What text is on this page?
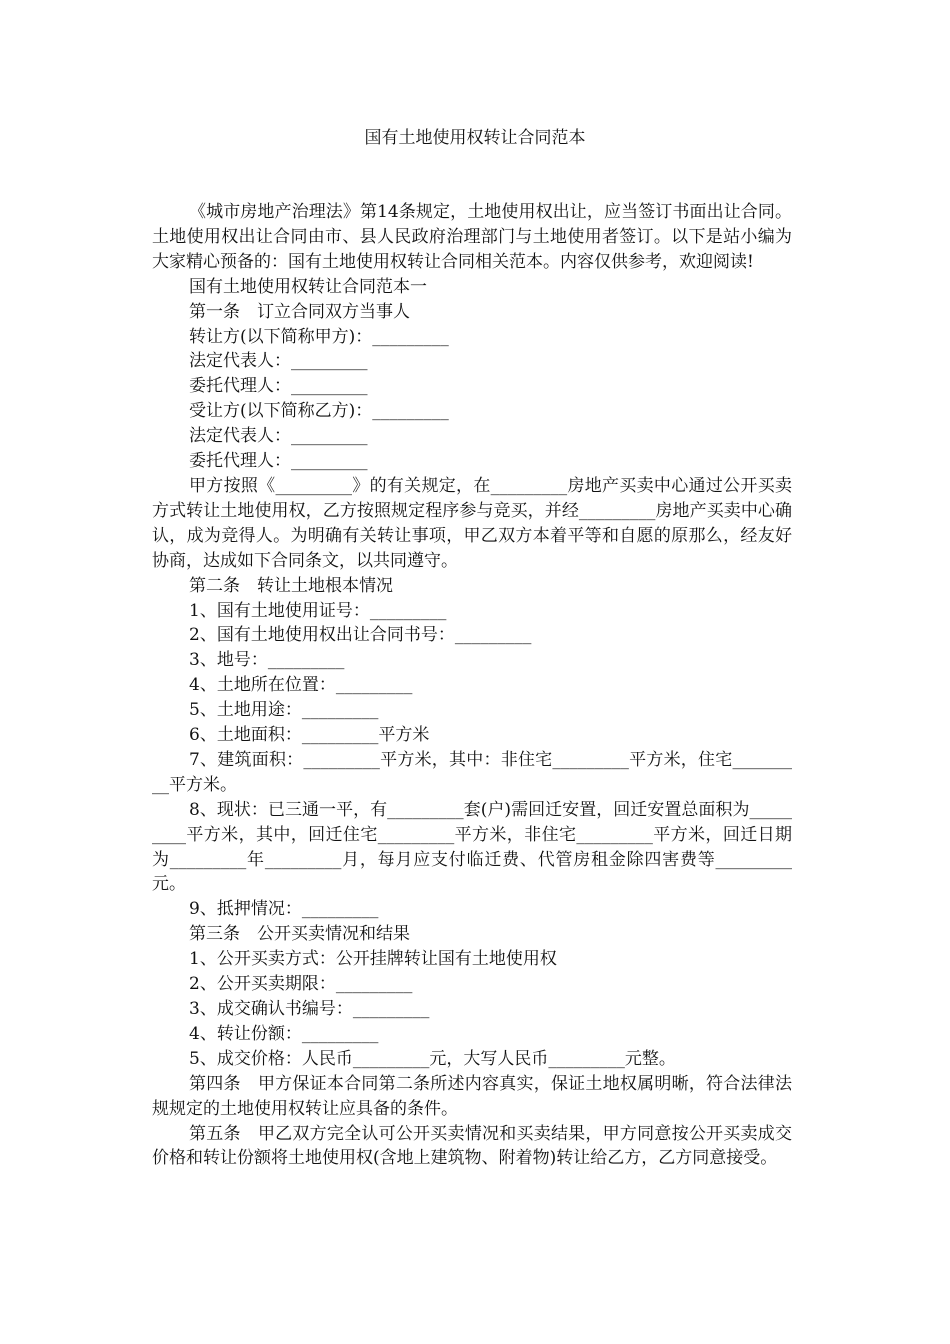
国有土地使用权转让合同范本

《城市房地产治理法》第14条规定，土地使用权出让，应当签订书面出让合同。土地使用权出让合同由市、县人民政府治理部门与土地使用者签订。以下是站小编为大家精心预备的：国有土地使用权转让合同相关范本。内容仅供参考，欢迎阅读!

国有土地使用权转让合同范本一

第一条　订立合同双方当事人

转让方(以下简称甲方)：_________

法定代表人：_________

委托代理人：_________

受让方(以下简称乙方)：_________

法定代表人：_________

委托代理人：_________

甲方按照《_________》的有关规定，在_________房地产买卖中心通过公开买卖方式转让土地使用权，乙方按照规定程序参与竞买，并经_________房地产买卖中心确认，成为竞得人。为明确有关转让事项，甲乙双方本着平等和自愿的原那么，经友好协商，达成如下合同条文，以共同遵守。

第二条　转让土地根本情况

1、国有土地使用证号：_________

2、国有土地使用权出让合同书号：_________

3、地号：_________

4、土地所在位置：_________

5、土地用途：_________

6、土地面积：_________平方米

7、建筑面积：_________平方米，其中：非住宅_________平方米，住宅_________平方米。

8、现状：已三通一平，有_________套(户)需回迁安置，回迁安置总面积为_________平方米，其中，回迁住宅_________平方米，非住宅_________平方米，回迁日期为_________年_________月，每月应支付临迁费、代管房租金除四害费等_________元。

9、抵押情况：_________

第三条　公开买卖情况和结果

1、公开买卖方式：公开挂牌转让国有土地使用权

2、公开买卖期限：_________

3、成交确认书编号：_________

4、转让份额：_________

5、成交价格：人民币_________元，大写人民币_________元整。

第四条　甲方保证本合同第二条所述内容真实，保证土地权属明晰，符合法律法规规定的土地使用权转让应具备的条件。

第五条　甲乙双方完全认可公开买卖情况和买卖结果，甲方同意按公开买卖成交价格和转让份额将土地使用权(含地上建筑物、附着物)转让给乙方，乙方同意接受。
